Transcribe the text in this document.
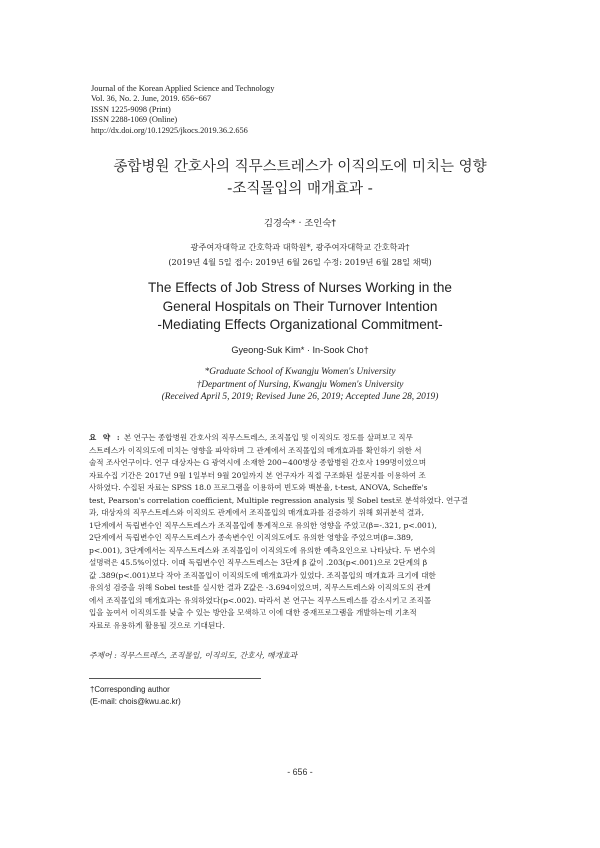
Journal of the Korean Applied Science and Technology
Vol. 36, No. 2. June, 2019. 656~667
ISSN 1225-9098 (Print)
ISSN 2288-1069 (Online)
http://dx.doi.org/10.12925/jkocs.2019.36.2.656
종합병원 간호사의 직무스트레스가 이직의도에 미치는 영향
-조직몰입의 매개효과 -
김경숙* · 조인숙†
광주여자대학교 간호학과 대학원*, 광주여자대학교 간호학과†
(2019년 4월 5일 접수: 2019년 6월 26일 수정: 2019년 6월 28일 채택)
The Effects of Job Stress of Nurses Working in the
General Hospitals on Their Turnover Intention
-Mediating Effects Organizational Commitment-
Gyeong-Suk Kim* · In-Sook Cho†
*Graduate School of Kwangju Women's University
†Department of Nursing, Kwangju Women's University
(Received April 5, 2019; Revised June 26, 2019; Accepted June 28, 2019)
요 약 : 본 연구는 종합병원 간호사의 직무스트레스, 조직몰입 및 이직의도 정도를 살펴보고 직무
스트레스가 이직의도에 미치는 영향을 파악하며 그 관계에서 조직몰입의 매개효과를 확인하기 위한 서
술적 조사연구이다. 연구 대상자는 G 광역시에 소재한 200~400병상 종합병원 간호사 199명이었으며
자료수집 기간은 2017년 9월 1일부터 9월 20일까지 본 연구자가 직접 구조화된 설문지를 이용하여 조
사하였다. 수집된 자료는 SPSS 18.0 프로그램을 이용하여 빈도와 백분율, t-test, ANOVA, Scheffe's
test, Pearson's correlation coefficient, Multiple regression analysis 및 Sobel test로 분석하였다. 연구결
과, 대상자의 직무스트레스와 이직의도 관계에서 조직몰입의 매개효과를 검증하기 위해 회귀분석 결과,
1단계에서 독립변수인 직무스트레스가 조직몰입에 통계적으로 유의한 영향을 주었고(β=-.321, p<.001),
2단계에서 독립변수인 직무스트레스가 종속변수인 이직의도에도 유의한 영향을 주었으며(β=.389,
p<.001), 3단계에서는 직무스트레스와 조직몰입이 이직의도에 유의한 예측요인으로 나타났다. 두 변수의
설명력은 45.5%이었다. 이때 독립변수인 직무스트레스는 3단계 β 값이 .203(p<.001)으로 2단계의 β
값 .389(p<.001)보다 작아 조직몰입이 이직의도에 매개효과가 있었다. 조직몰입의 매개효과 크기에 대한
유의성 검증을 위해 Sobel test를 실시한 결과 Z값은 -3.694이었으며, 직무스트레스와 이직의도의 관계
에서 조직몰입의 매개효과는 유의하였다(p<.002). 따라서 본 연구는 직무스트레스를 감소시키고 조직몰
입을 높여서 이직의도를 낮출 수 있는 방안을 모색하고 이에 대한 중재프로그램을 개발하는데 기초적
자료로 유용하게 활용될 것으로 기대된다.
주제어 : 직무스트레스, 조직몰입, 이직의도, 간호사, 매개효과
†Corresponding author
(E-mail: chois@kwu.ac.kr)
- 656 -
